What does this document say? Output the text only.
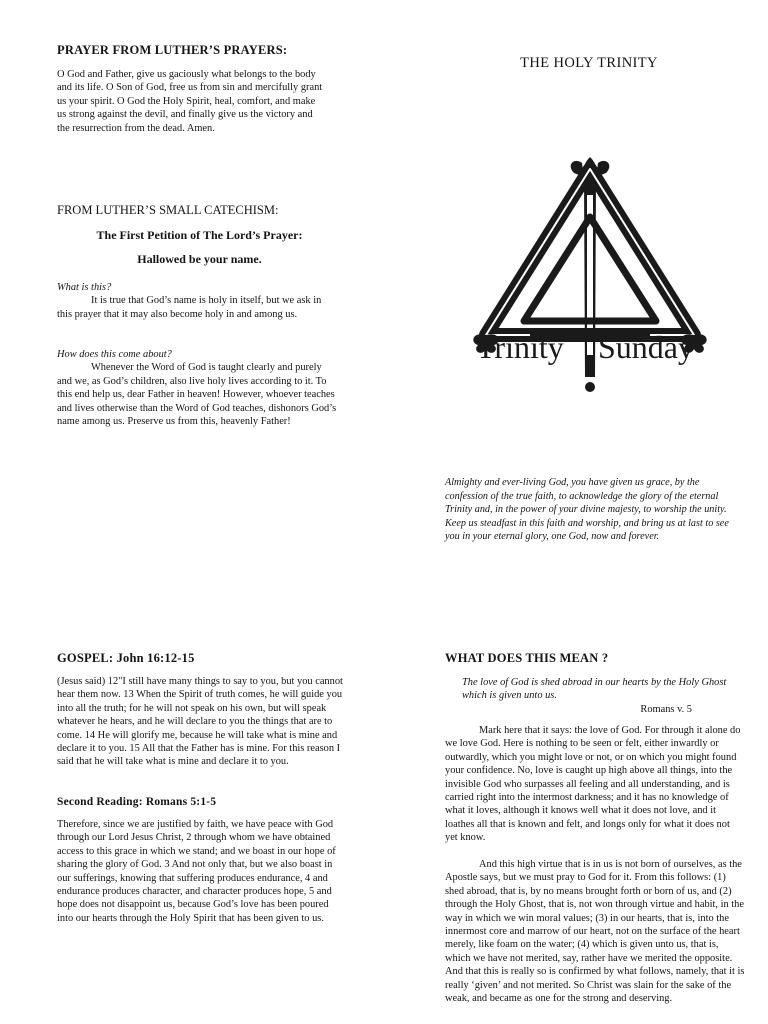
PRAYER FROM LUTHER’S PRAYERS:

O God and Father, give us gaciously what belongs to the body and its life. O Son of God, free us from sin and mercifully grant us your spirit. O God the Holy Spirit, heal, comfort, and make us strong against the devil, and finally give us the victory and the resurrection from the dead. Amen.

FROM LUTHER’S SMALL CATECHISM:
The First Petition of The Lord’s Prayer:
Hallowed be your name.

What is this?

It is true that God’s name is holy in itself, but we ask in this prayer that it may also become holy in and among us.

How does this come about?

Whenever the Word of God is taught clearly and purely and we, as God’s children, also live holy lives according to it. To this end help us, dear Father in heaven! However, whoever teaches and lives otherwise than the Word of God teaches, dishonors God’s name among us. Preserve us from this, heavenly Father!

THE HOLY TRINITY
Trinity Sunday

Almighty and ever-living God, you have given us grace, by the confession of the true faith, to acknowledge the glory of the eternal Trinity and, in the power of your divine majesty, to worship the unity. Keep us steadfast in this faith and worship, and bring us at last to see you in your eternal glory, one God, now and forever.

GOSPEL: John 16:12-15

(Jesus said) 12"I still have many things to say to you, but you cannot hear them now. 13 When the Spirit of truth comes, he will guide you into all the truth; for he will not speak on his own, but will speak whatever he hears, and he will declare to you the things that are to come. 14 He will glorify me, because he will take what is mine and declare it to you. 15 All that the Father has is mine. For this reason I said that he will take what is mine and declare it to you.

Second Reading: Romans 5:1-5

Therefore, since we are justified by faith, we have peace with God through our Lord Jesus Christ, 2 through whom we have obtained access to this grace in which we stand; and we boast in our hope of sharing the glory of God. 3 And not only that, but we also boast in our sufferings, knowing that suffering produces endurance, 4 and endurance produces character, and character produces hope, 5 and hope does not disappoint us, because God’s love has been poured into our hearts through the Holy Spirit that has been given to us.

WHAT DOES THIS MEAN ?
The love of God is shed abroad in our hearts by the Holy Ghost which is given unto us.
Romans v. 5

Mark here that it says: the love of God. For through it alone do we love God. Here is nothing to be seen or felt, either inwardly or outwardly, which you might love or not, or on which you might found your confidence. No, love is caught up high above all things, into the invisible God who surpasses all feeling and all understanding, and is carried right into the intermost darkness; and it has no knowledge of what it loves, although it knows well what it does not love, and it loathes all that is known and felt, and longs only for what it does not yet know.

And this high virtue that is in us is not born of ourselves, as the Apostle says, but we must pray to God for it. From this follows: (1) shed abroad, that is, by no means brought forth or born of us, and (2) through the Holy Ghost, that is, not won through virtue and habit, in the way in which we win moral values; (3) in our hearts, that is, into the innermost core and marrow of our heart, not on the surface of the heart merely, like foam on the water; (4) which is given unto us, that is, which we have not merited, say, rather have we merited the opposite. And that this is really so is confirmed by what follows, namely, that it is really ‘given’ and not merited. So Christ was slain for the sake of the weak, and became as one for the strong and deserving.
